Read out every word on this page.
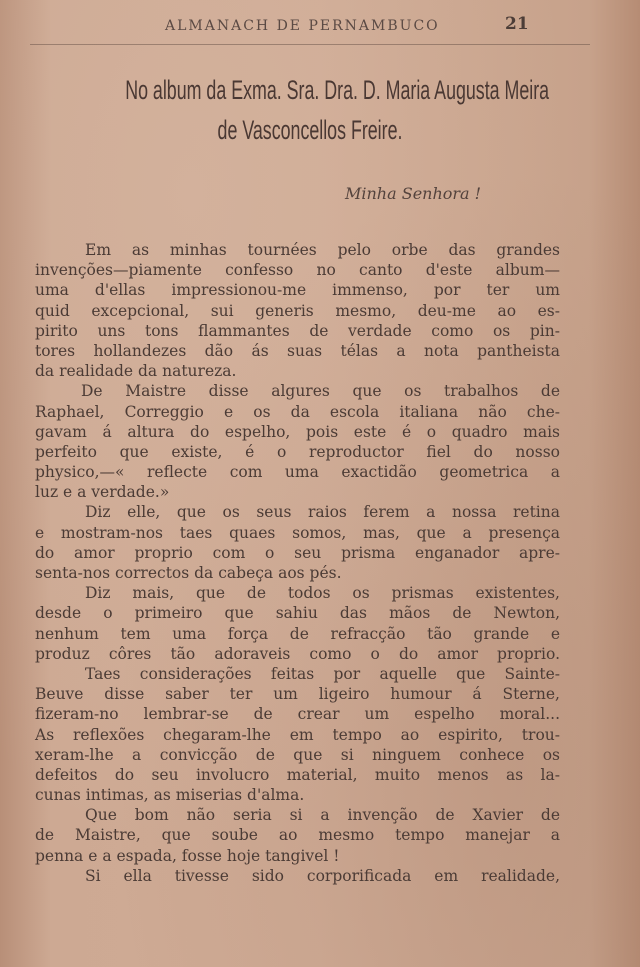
ALMANACH DE PERNAMBUCO	21
No album da Exma. Sra. Dra. D. Maria Augusta Meira
de Vasconcellos Freire.
Minha Senhora !
Em as minhas tournées pelo orbe das grandes
invenções—piamente confesso no canto d'este album—
uma d'ellas impressionou-me immenso, por ter um
quid excepcional, sui generis mesmo, deu-me ao es-
pirito uns tons flammantes de verdade como os pin-
tores hollandezes dão ás suas télas a nota pantheista
da realidade da natureza.
De Maistre disse algures que os trabalhos de
Raphael, Correggio e os da escola italiana não che-
gavam á altura do espelho, pois este é o quadro mais
perfeito que existe, é o reproductor fiel do nosso
physico,—« reflecte com uma exactidão geometrica a
luz e a verdade.»
Diz elle, que os seus raios ferem a nossa retina
e mostram-nos taes quaes somos, mas, que a presença
do amor proprio com o seu prisma enganador apre-
senta-nos correctos da cabeça aos pés.
Diz mais, que de todos os prismas existentes,
desde o primeiro que sahiu das mãos de Newton,
nenhum tem uma força de refracção tão grande e
produz côres tão adoraveis como o do amor proprio.
Taes considerações feitas por aquelle que Sainte-
Beuve disse saber ter um ligeiro humour á Sterne,
fizeram-no lembrar-se de crear um espelho moral...
As reflexões chegaram-lhe em tempo ao espirito, trou-
xeram-lhe a convicção de que si ninguem conhece os
defeitos do seu involucro material, muito menos as la-
cunas intimas, as miserias d'alma.
Que bom não seria si a invenção de Xavier de
de Maistre, que soube ao mesmo tempo manejar a
penna e a espada, fosse hoje tangivel !
Si ella tivesse sido corporificada em realidade,
